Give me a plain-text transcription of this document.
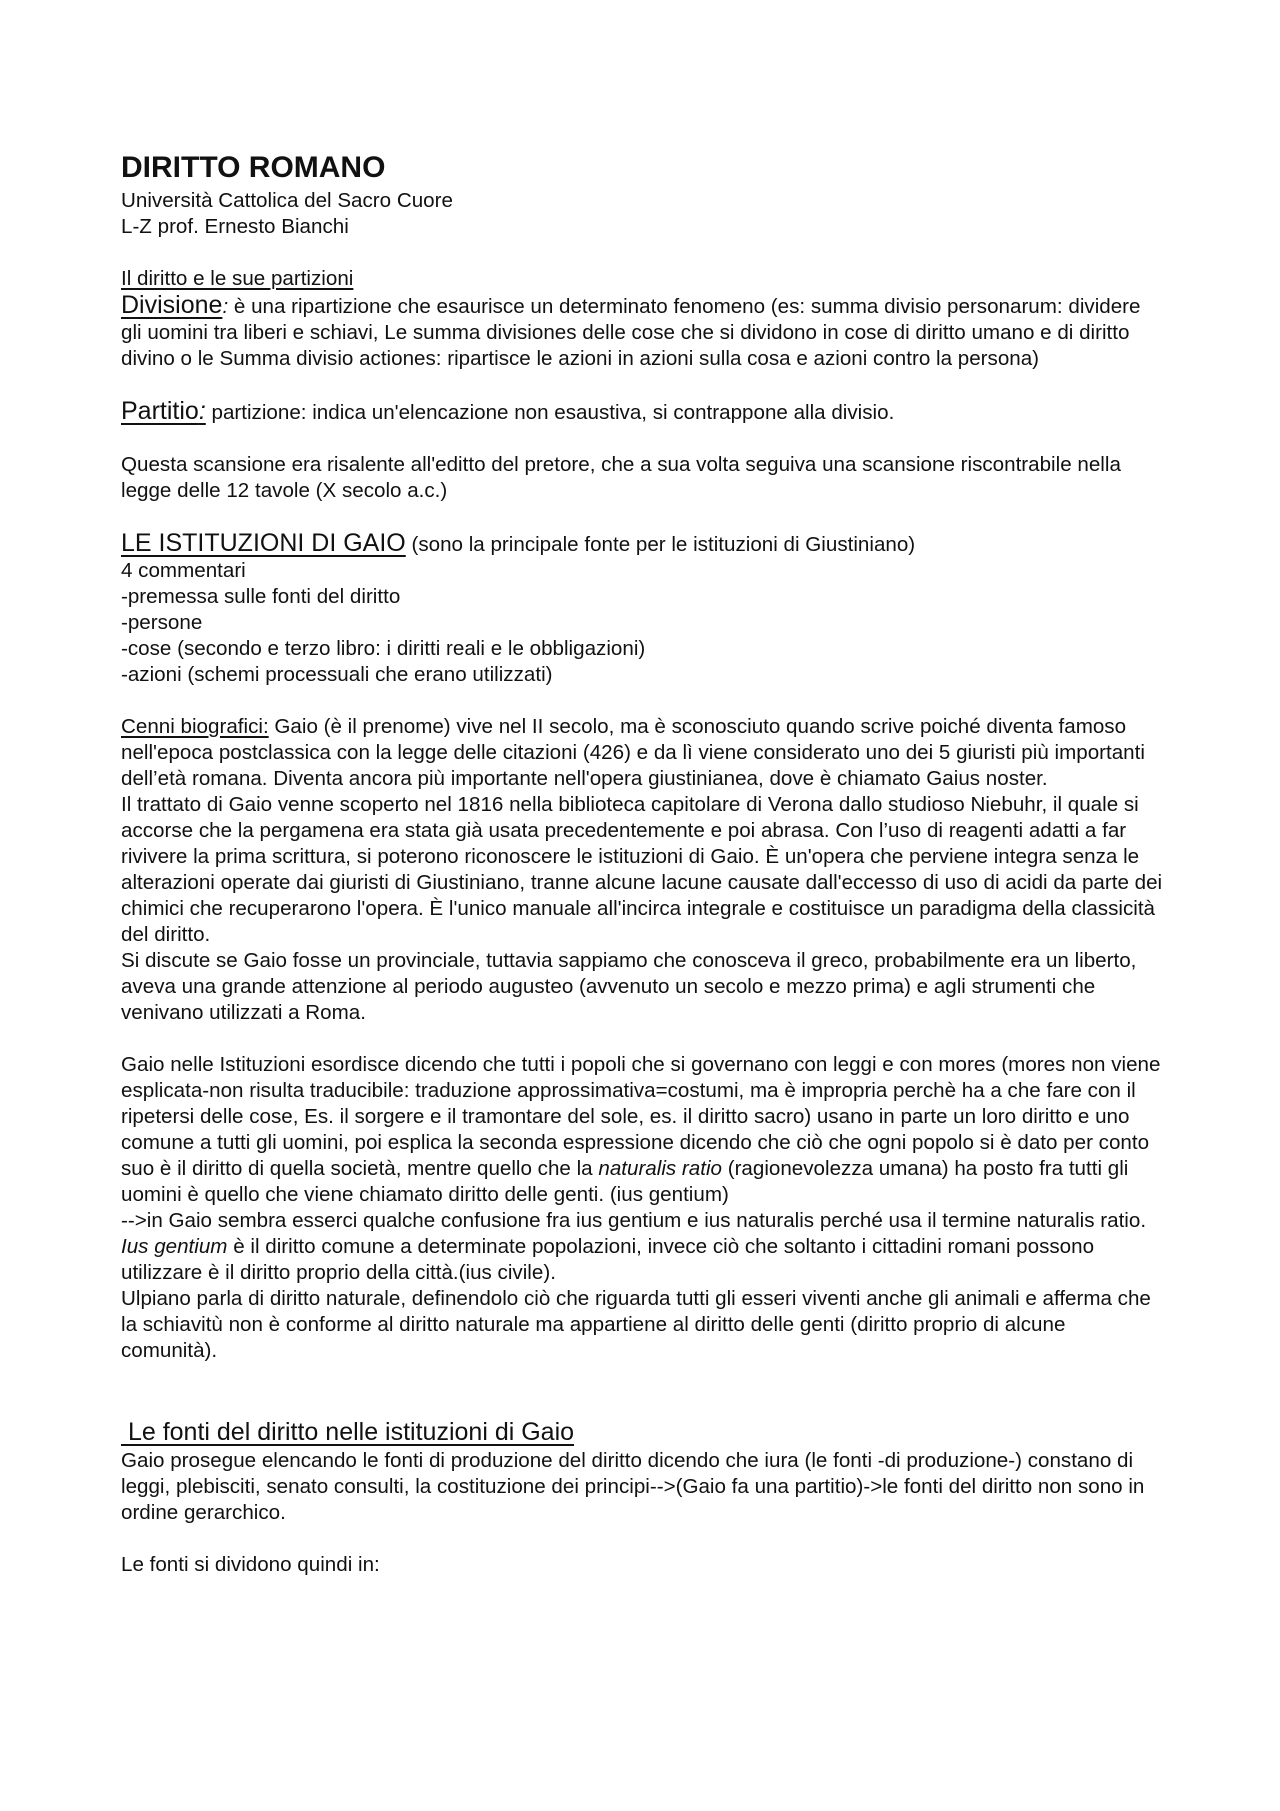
DIRITTO ROMANO
Università Cattolica del Sacro Cuore
L-Z prof. Ernesto Bianchi
Il diritto e le sue partizioni

Divisione: è una ripartizione che esaurisce un determinato fenomeno (es: summa divisio personarum: dividere gli uomini tra liberi e schiavi, Le summa divisiones delle cose che si dividono in cose di diritto umano e di diritto divino o le Summa divisio actiones: ripartisce le azioni in azioni sulla cosa e azioni contro la persona)

Partitio: partizione: indica un'elencazione non esaustiva, si contrappone alla divisio.

Questa scansione era risalente all'editto del pretore, che a sua volta seguiva una scansione riscontrabile nella legge delle 12 tavole (X secolo a.c.)

LE ISTITUZIONI DI GAIO (sono la principale fonte per le istituzioni di Giustiniano)

4 commentari
-premessa sulle fonti del diritto
-persone
-cose (secondo e terzo libro: i diritti reali e le obbligazioni)
-azioni (schemi processuali che erano utilizzati)

Cenni biografici: Gaio (è il prenome) vive nel II secolo, ma è sconosciuto quando scrive poiché diventa famoso nell'epoca postclassica con la legge delle citazioni (426) e da lì viene considerato uno dei 5 giuristi più importanti dell’età romana. Diventa ancora più importante nell'opera giustinianea, dove è chiamato Gaius noster.

Il trattato di Gaio venne scoperto nel 1816 nella biblioteca capitolare di Verona dallo studioso Niebuhr, il quale si accorse che la pergamena era stata già usata precedentemente e poi abrasa. Con l’uso di reagenti adatti a far rivivere la prima scrittura, si poterono riconoscere le istituzioni di Gaio. È un'opera che perviene integra senza le alterazioni operate dai giuristi di Giustiniano, tranne alcune lacune causate dall'eccesso di uso di acidi da parte dei chimici che recuperarono l'opera. È l'unico manuale all'incirca integrale e costituisce un paradigma della classicità del diritto.

Si discute se Gaio fosse un provinciale, tuttavia sappiamo che conosceva il greco, probabilmente era un liberto, aveva una grande attenzione al periodo augusteo (avvenuto un secolo e mezzo prima) e agli strumenti che venivano utilizzati a Roma.

Gaio nelle Istituzioni esordisce dicendo che tutti i popoli che si governano con leggi e con mores (mores non viene esplicata-non risulta traducibile: traduzione approssimativa=costumi, ma è impropria perchè ha a che fare con il ripetersi delle cose, Es. il sorgere e il tramontare del sole, es. il diritto sacro) usano in parte un loro diritto e uno comune a tutti gli uomini, poi esplica la seconda espressione dicendo che ciò che ogni popolo si è dato per conto suo è il diritto di quella società, mentre quello che la naturalis ratio (ragionevolezza umana) ha posto fra tutti gli uomini è quello che viene chiamato diritto delle genti. (ius gentium)

-->in Gaio sembra esserci qualche confusione fra ius gentium e ius naturalis perché usa il termine naturalis ratio.

Ius gentium è il diritto comune a determinate popolazioni, invece ciò che soltanto i cittadini romani possono utilizzare è il diritto proprio della città.(ius civile).

Ulpiano parla di diritto naturale, definendolo ciò che riguarda tutti gli esseri viventi anche gli animali e afferma che la schiavitù non è conforme al diritto naturale ma appartiene al diritto delle genti (diritto proprio di alcune comunità).

Le fonti del diritto nelle istituzioni di Gaio

Gaio prosegue elencando le fonti di produzione del diritto dicendo che iura (le fonti -di produzione-) constano di leggi, plebisciti, senato consulti, la costituzione dei principi-->(Gaio fa una partitio)->le fonti del diritto non sono in ordine gerarchico.

Le fonti si dividono quindi in:
